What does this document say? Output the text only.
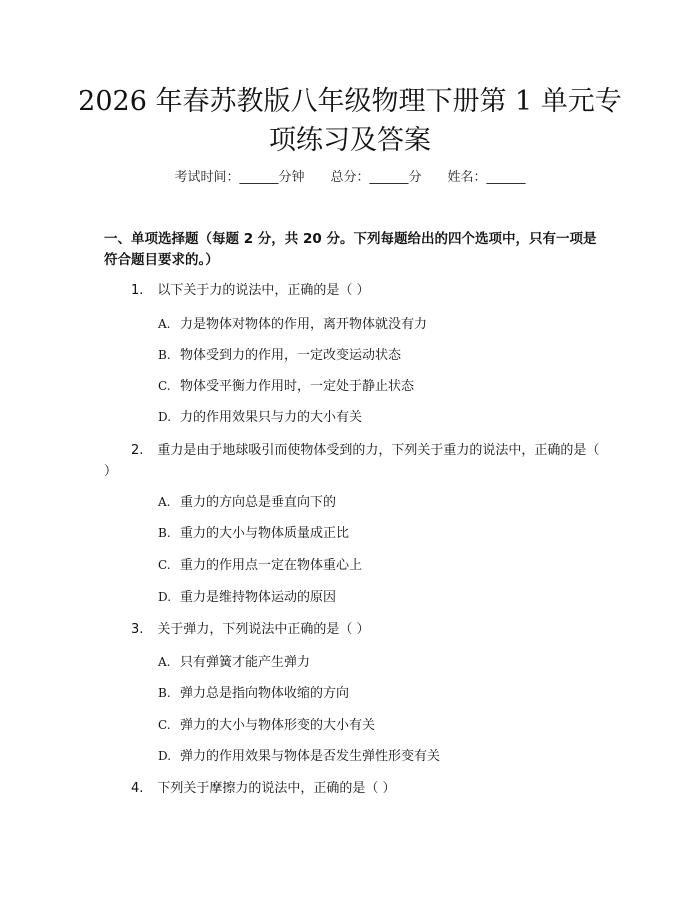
2026 年春苏教版八年级物理下册第 1 单元专
项练习及答案
考试时间：______分钟 总分：______分 姓名：______
一、单项选择题（每题 2 分，共 20 分。下列每题给出的四个选项中，只有一项是符合题目要求的。）
1. 以下关于力的说法中，正确的是（ ）
A. 力是物体对物体的作用，离开物体就没有力
B. 物体受到力的作用，一定改变运动状态
C. 物体受平衡力作用时，一定处于静止状态
D. 力的作用效果只与力的大小有关
2. 重力是由于地球吸引而使物体受到的力，下列关于重力的说法中，正确的是（ ）
A. 重力的方向总是垂直向下的
B. 重力的大小与物体质量成正比
C. 重力的作用点一定在物体重心上
D. 重力是维持物体运动的原因
3. 关于弹力，下列说法中正确的是（ ）
A. 只有弹簧才能产生弹力
B. 弹力总是指向物体收缩的方向
C. 弹力的大小与物体形变的大小有关
D. 弹力的作用效果与物体是否发生弹性形变有关
4. 下列关于摩擦力的说法中，正确的是（ ）
